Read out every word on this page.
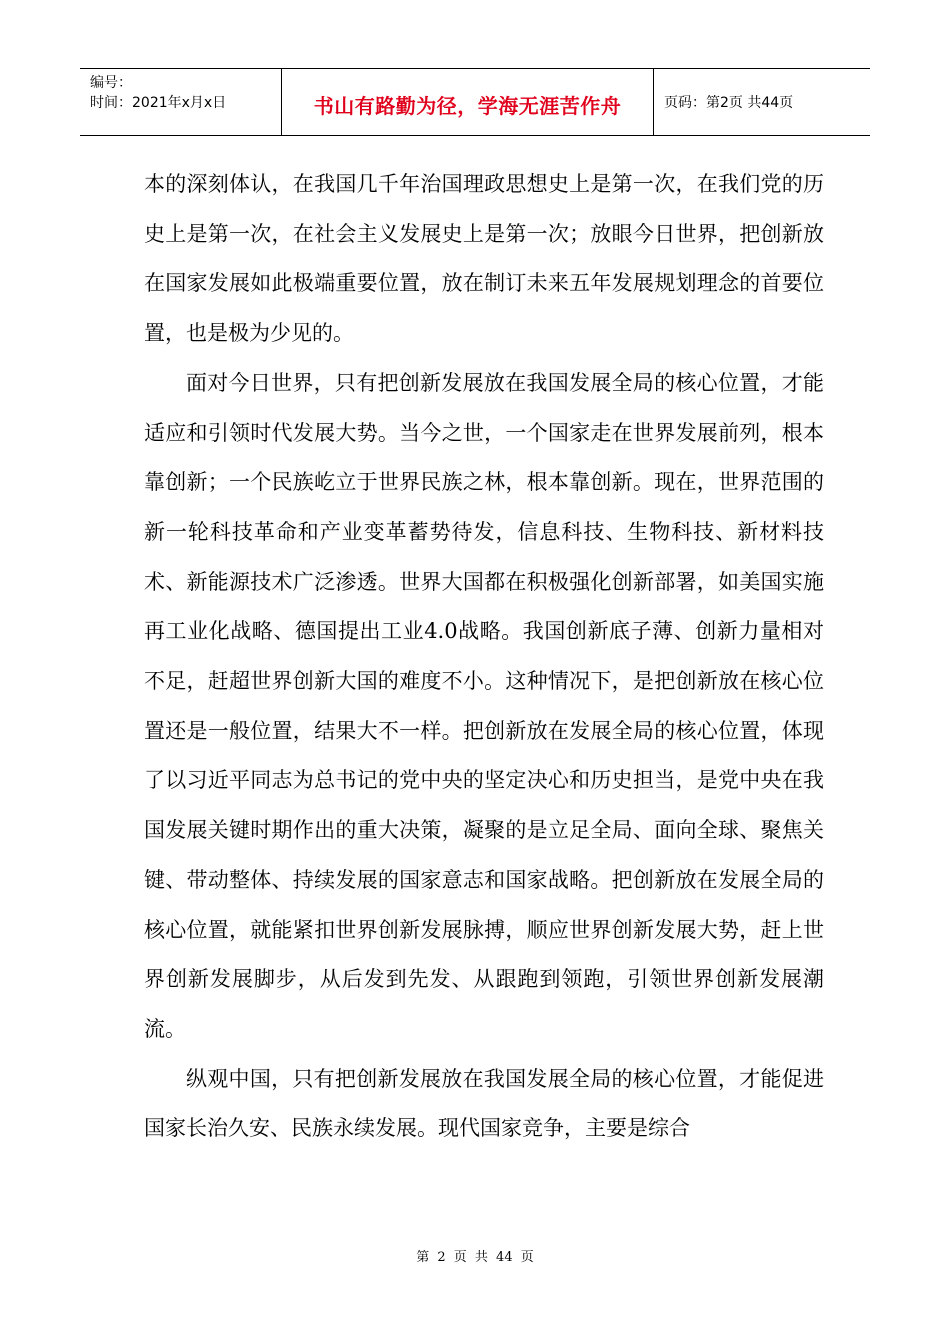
编号：
时间：2021年x月x日	书山有路勤为径，学海无涯苦作舟	页码：第2页 共44页

本的深刻体认，在我国几千年治国理政思想史上是第一次，在我们党的历史上是第一次，在社会主义发展史上是第一次；放眼今日世界，把创新放在国家发展如此极端重要位置，放在制订未来五年发展规划理念的首要位置，也是极为少见的。

面对今日世界，只有把创新发展放在我国发展全局的核心位置，才能适应和引领时代发展大势。当今之世，一个国家走在世界发展前列，根本靠创新；一个民族屹立于世界民族之林，根本靠创新。现在，世界范围的新一轮科技革命和产业变革蓄势待发，信息科技、生物科技、新材料技术、新能源技术广泛渗透。世界大国都在积极强化创新部署，如美国实施再工业化战略、德国提出工业4.0战略。我国创新底子薄、创新力量相对不足，赶超世界创新大国的难度不小。这种情况下，是把创新放在核心位置还是一般位置，结果大不一样。把创新放在发展全局的核心位置，体现了以习近平同志为总书记的党中央的坚定决心和历史担当，是党中央在我国发展关键时期作出的重大决策，凝聚的是立足全局、面向全球、聚焦关键、带动整体、持续发展的国家意志和国家战略。把创新放在发展全局的核心位置，就能紧扣世界创新发展脉搏，顺应世界创新发展大势，赶上世界创新发展脚步，从后发到先发、从跟跑到领跑，引领世界创新发展潮流。

纵观中国，只有把创新发展放在我国发展全局的核心位置，才能促进国家长治久安、民族永续发展。现代国家竞争，主要是综合

第 2 页 共 44 页
